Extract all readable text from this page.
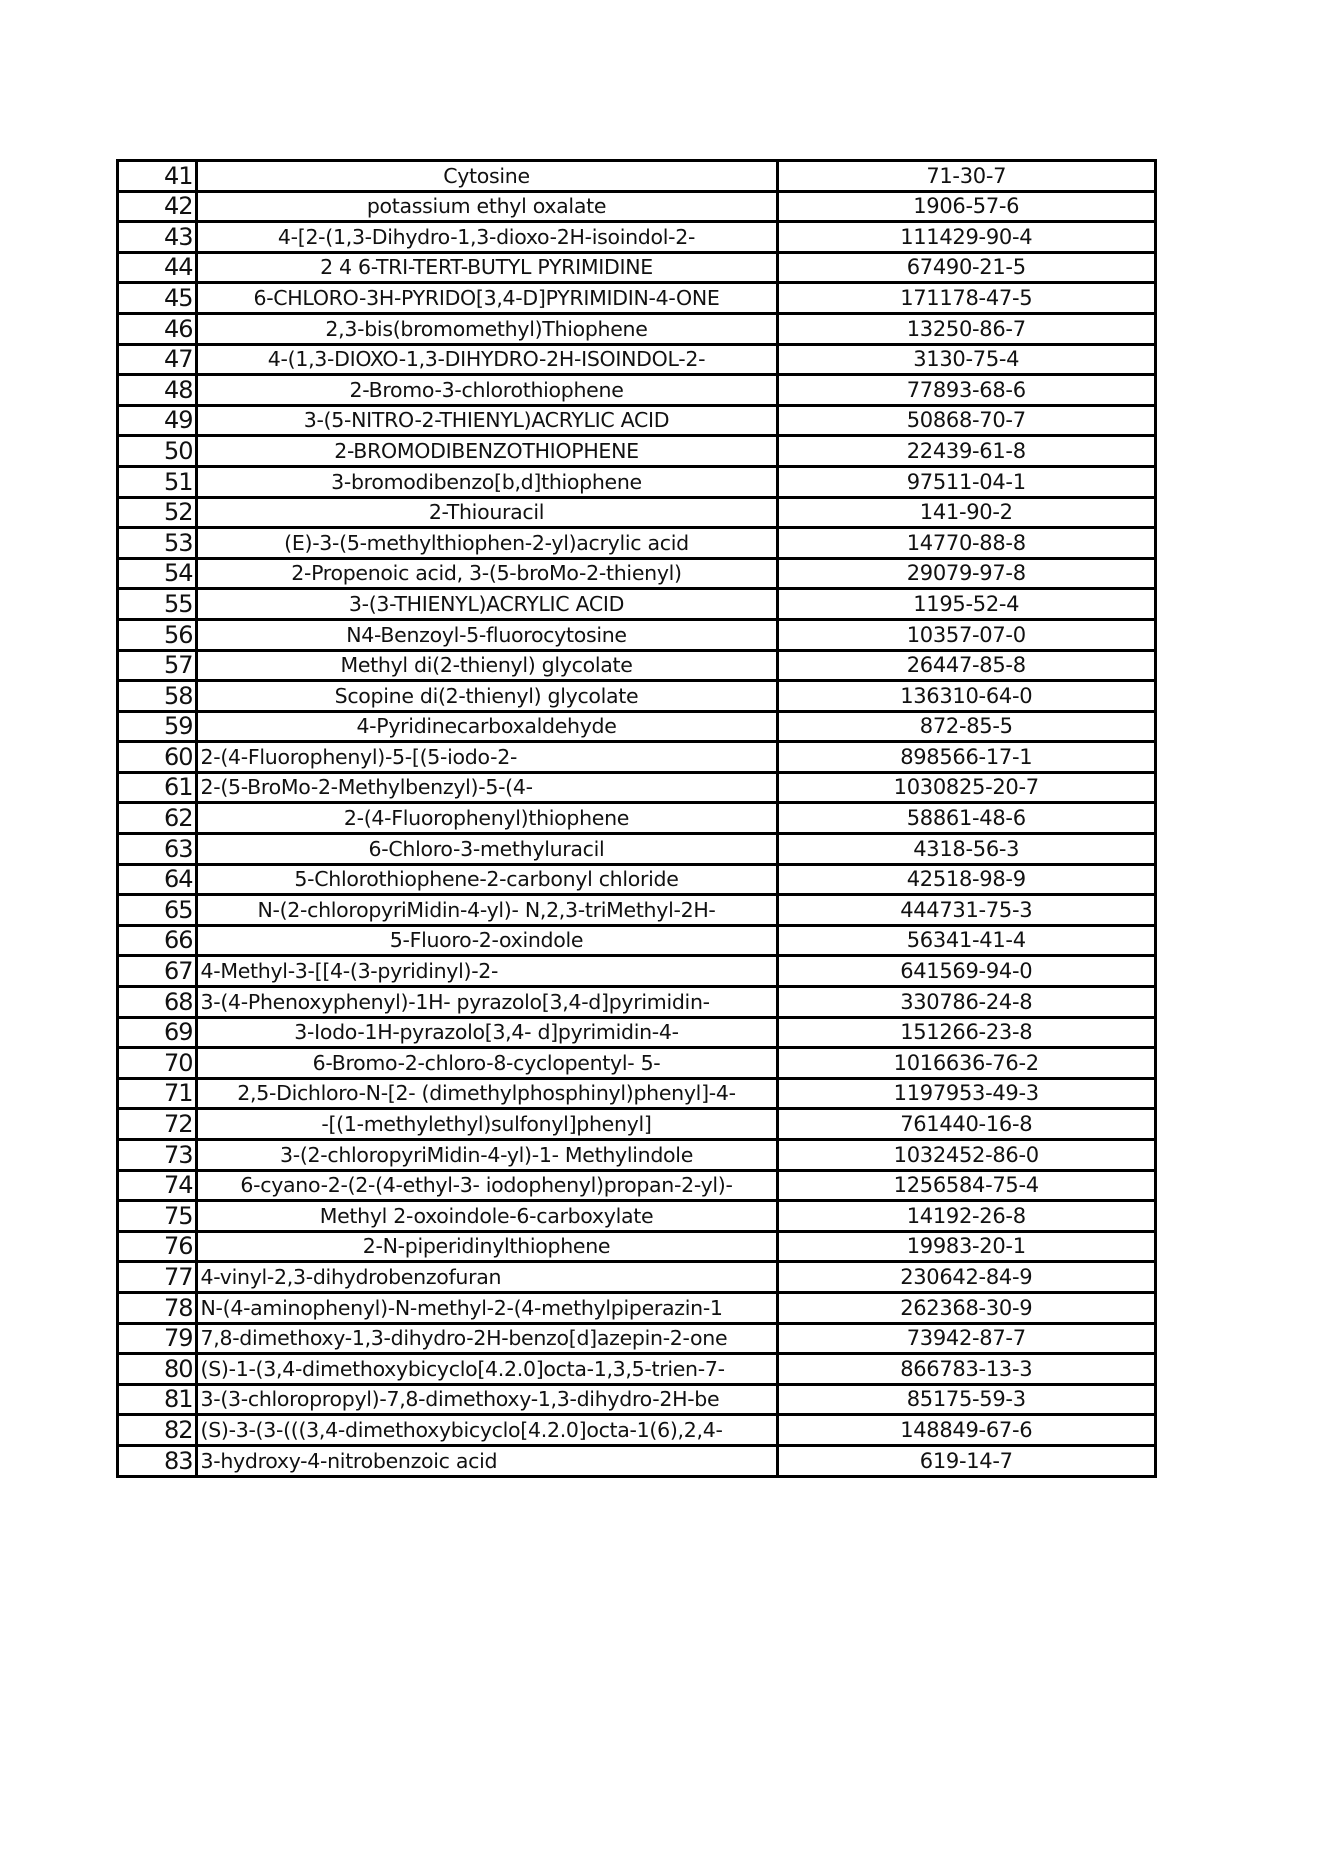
41	Cytosine	71-30-7
42	potassium ethyl oxalate	1906-57-6
43	4-[2-(1,3-Dihydro-1,3-dioxo-2H-isoindol-2-	111429-90-4
44	2 4 6-TRI-TERT-BUTYL PYRIMIDINE	67490-21-5
45	6-CHLORO-3H-PYRIDO[3,4-D]PYRIMIDIN-4-ONE	171178-47-5
46	2,3-bis(bromomethyl)Thiophene	13250-86-7
47	4-(1,3-DIOXO-1,3-DIHYDRO-2H-ISOINDOL-2-	3130-75-4
48	2-Bromo-3-chlorothiophene	77893-68-6
49	3-(5-NITRO-2-THIENYL)ACRYLIC ACID	50868-70-7
50	2-BROMODIBENZOTHIOPHENE	22439-61-8
51	3-bromodibenzo[b,d]thiophene	97511-04-1
52	2-Thiouracil	141-90-2
53	(E)-3-(5-methylthiophen-2-yl)acrylic acid	14770-88-8
54	2-Propenoic acid, 3-(5-broMo-2-thienyl)	29079-97-8
55	3-(3-THIENYL)ACRYLIC ACID	1195-52-4
56	N4-Benzoyl-5-fluorocytosine	10357-07-0
57	Methyl di(2-thienyl) glycolate	26447-85-8
58	Scopine di(2-thienyl) glycolate	136310-64-0
59	4-Pyridinecarboxaldehyde	872-85-5
60	2-(4-Fluorophenyl)-5-[(5-iodo-2-	898566-17-1
61	2-(5-BroMo-2-Methylbenzyl)-5-(4-	1030825-20-7
62	2-(4-Fluorophenyl)thiophene	58861-48-6
63	6-Chloro-3-methyluracil	4318-56-3
64	5-Chlorothiophene-2-carbonyl chloride	42518-98-9
65	N-(2-chloropyriMidin-4-yl)- N,2,3-triMethyl-2H-	444731-75-3
66	5-Fluoro-2-oxindole	56341-41-4
67	4-Methyl-3-[[4-(3-pyridinyl)-2-	641569-94-0
68	3-(4-Phenoxyphenyl)-1H- pyrazolo[3,4-d]pyrimidin-	330786-24-8
69	3-Iodo-1H-pyrazolo[3,4- d]pyrimidin-4-	151266-23-8
70	6-Bromo-2-chloro-8-cyclopentyl- 5-	1016636-76-2
71	2,5-Dichloro-N-[2- (dimethylphosphinyl)phenyl]-4-	1197953-49-3
72	-[(1-methylethyl)sulfonyl]phenyl]	761440-16-8
73	3-(2-chloropyriMidin-4-yl)-1- Methylindole	1032452-86-0
74	6-cyano-2-(2-(4-ethyl-3- iodophenyl)propan-2-yl)-	1256584-75-4
75	Methyl 2-oxoindole-6-carboxylate	14192-26-8
76	2-N-piperidinylthiophene	19983-20-1
77	4-vinyl-2,3-dihydrobenzofuran	230642-84-9
78	N-(4-aminophenyl)-N-methyl-2-(4-methylpiperazin-1	262368-30-9
79	7,8-dimethoxy-1,3-dihydro-2H-benzo[d]azepin-2-one	73942-87-7
80	(S)-1-(3,4-dimethoxybicyclo[4.2.0]octa-1,3,5-trien-7-	866783-13-3
81	3-(3-chloropropyl)-7,8-dimethoxy-1,3-dihydro-2H-be	85175-59-3
82	(S)-3-(3-(((3,4-dimethoxybicyclo[4.2.0]octa-1(6),2,4-	148849-67-6
83	3-hydroxy-4-nitrobenzoic acid	619-14-7
